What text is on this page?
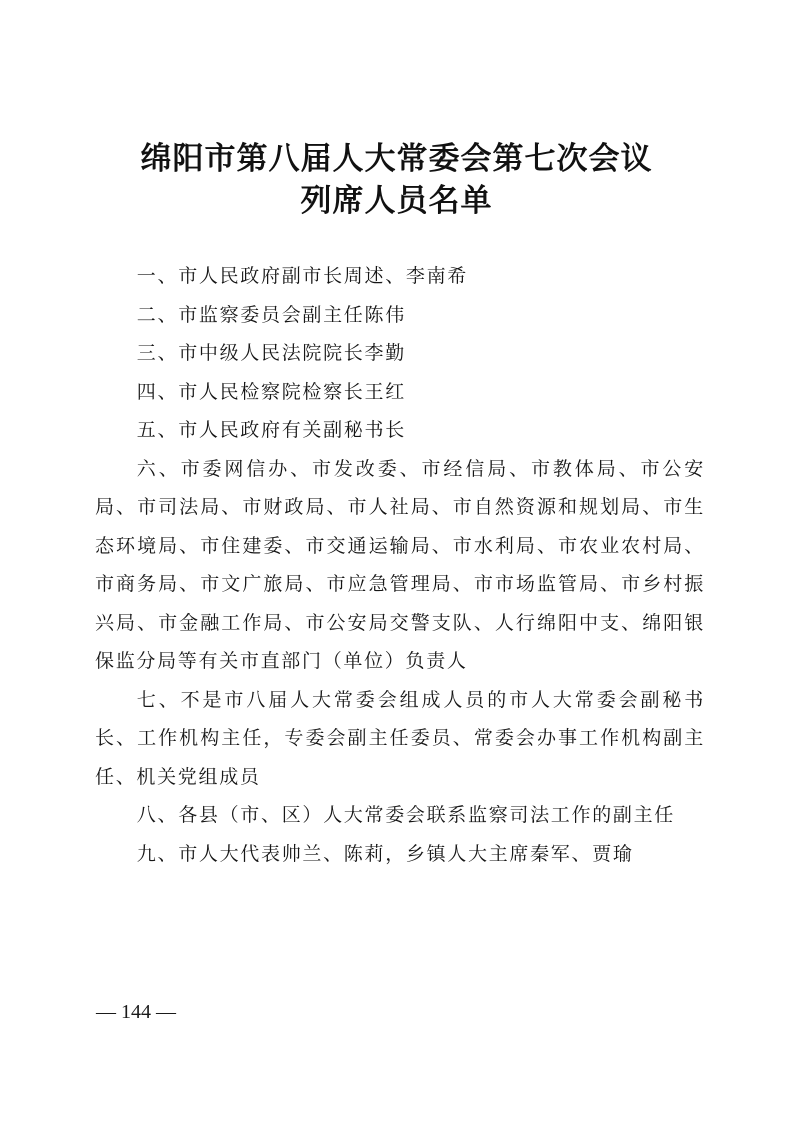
绵阳市第八届人大常委会第七次会议
列席人员名单

一、市人民政府副市长周述、李南希

二、市监察委员会副主任陈伟

三、市中级人民法院院长李勤

四、市人民检察院检察长王红

五、市人民政府有关副秘书长

六、市委网信办、市发改委、市经信局、市教体局、市公安局、市司法局、市财政局、市人社局、市自然资源和规划局、市生态环境局、市住建委、市交通运输局、市水利局、市农业农村局、市商务局、市文广旅局、市应急管理局、市市场监管局、市乡村振兴局、市金融工作局、市公安局交警支队、人行绵阳中支、绵阳银保监分局等有关市直部门（单位）负责人

七、不是市八届人大常委会组成人员的市人大常委会副秘书长、工作机构主任，专委会副主任委员、常委会办事工作机构副主任、机关党组成员

八、各县（市、区）人大常委会联系监察司法工作的副主任

九、市人大代表帅兰、陈莉，乡镇人大主席秦军、贾瑜

— 144 —
